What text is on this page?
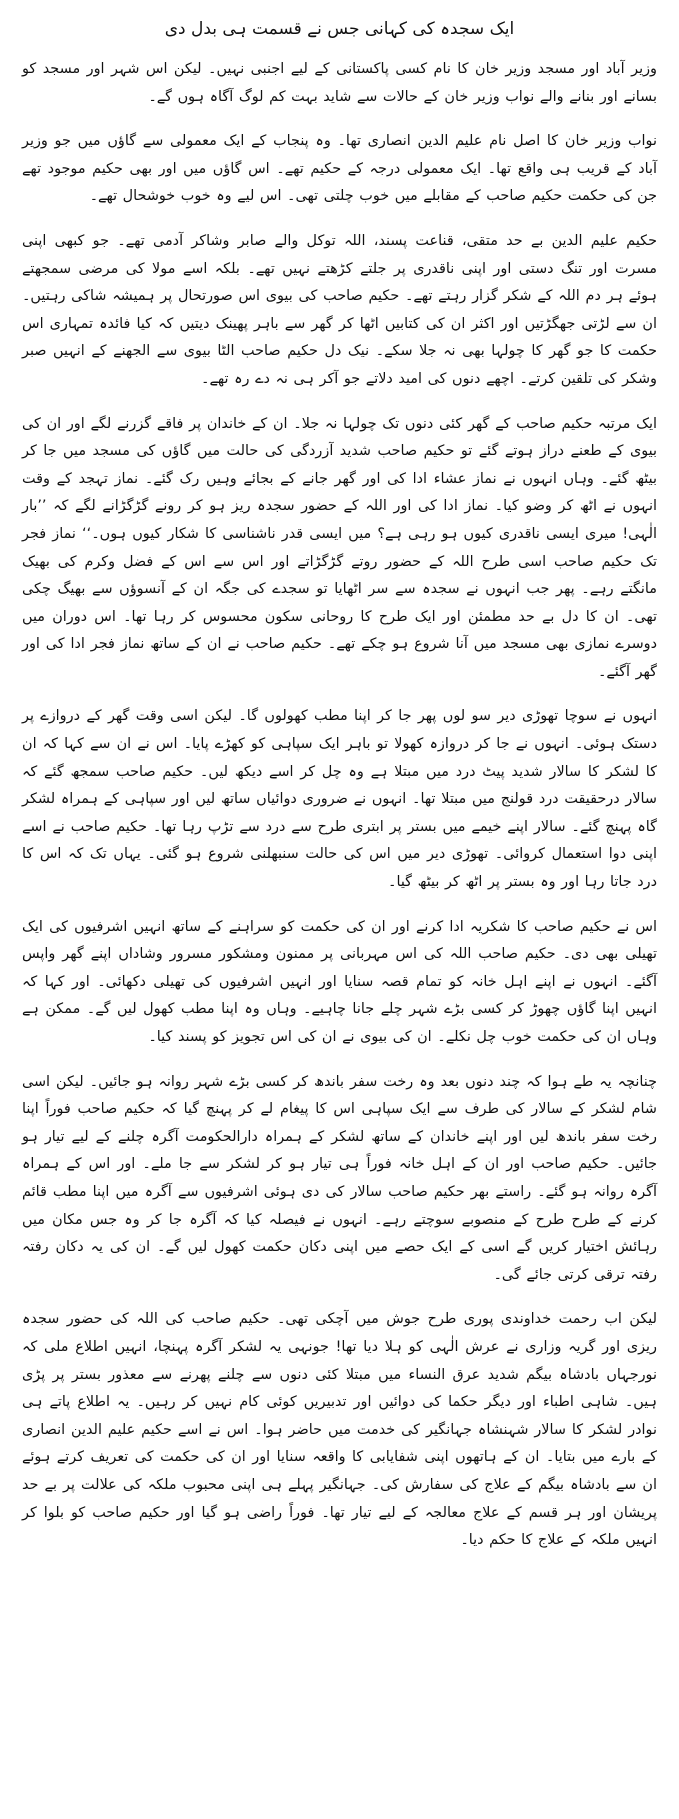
ایک سجدہ کی کہانی جس نے قسمت ہی بدل دی

وزیر آباد اور مسجد وزیر خان کا نام کسی پاکستانی کے لیے اجنبی نہیں۔ لیکن اس شہر اور مسجد کو بسانے اور بنانے والے نواب وزیر خان کے حالات سے شاید بہت کم لوگ آگاہ ہوں گے۔

نواب وزیر خان کا اصل نام علیم الدین انصاری تھا۔ وہ پنجاب کے ایک معمولی سے گاؤں میں جو وزیر آباد کے قریب ہی واقع تھا۔ ایک معمولی درجہ کے حکیم تھے۔ اس گاؤں میں اور بھی حکیم موجود تھے جن کی حکمت حکیم صاحب کے مقابلے میں خوب چلتی تھی۔ اس لیے وہ خوب خوشحال تھے۔

حکیم علیم الدین بے حد متقی، قناعت پسند، اللہ توکل والے صابر وشاکر آدمی تھے۔ جو کبھی اپنی مسرت اور تنگ دستی اور اپنی ناقدری پر جلتے کڑھتے نہیں تھے۔ بلکہ اسے مولا کی مرضی سمجھتے ہوئے ہر دم اللہ کے شکر گزار رہتے تھے۔ حکیم صاحب کی بیوی اس صورتحال پر ہمیشہ شاکی رہتیں۔ ان سے لڑتی جھگڑتیں اور اکثر ان کی کتابیں اٹھا کر گھر سے باہر پھینک دیتیں کہ کیا فائدہ تمہاری اس حکمت کا جو گھر کا چولہا بھی نہ جلا سکے۔ نیک دل حکیم صاحب الٹا بیوی سے الجھنے کے انہیں صبر وشکر کی تلقین کرتے۔ اچھے دنوں کی امید دلاتے جو آکر ہی نہ دے رہ تھے۔

ایک مرتبہ حکیم صاحب کے گھر کئی دنوں تک چولہا نہ جلا۔ ان کے خاندان پر فاقے گزرنے لگے اور ان کی بیوی کے طعنے دراز ہوتے گئے تو حکیم صاحب شدید آزردگی کی حالت میں گاؤں کی مسجد میں جا کر بیٹھ گئے۔ وہاں انہوں نے نماز عشاء ادا کی اور گھر جانے کے بجائے وہیں رک گئے۔ نماز تہجد کے وقت انہوں نے اٹھ کر وضو کیا۔ نماز ادا کی اور اللہ کے حضور سجدہ ریز ہو کر رونے گڑگڑانے لگے کہ ’’بار الٰہی! میری ایسی ناقدری کیوں ہو رہی ہے؟ میں ایسی قدر ناشناسی کا شکار کیوں ہوں۔‘‘ نماز فجر تک حکیم صاحب اسی طرح اللہ کے حضور روتے گڑگڑاتے اور اس سے اس کے فضل وکرم کی بھیک مانگتے رہے۔ پھر جب انہوں نے سجدہ سے سر اٹھایا تو سجدے کی جگہ ان کے آنسوؤں سے بھیگ چکی تھی۔ ان کا دل بے حد مطمئن اور ایک طرح کا روحانی سکون محسوس کر رہا تھا۔ اس دوران میں دوسرے نمازی بھی مسجد میں آنا شروع ہو چکے تھے۔ حکیم صاحب نے ان کے ساتھ نماز فجر ادا کی اور گھر آگئے۔

انہوں نے سوچا تھوڑی دیر سو لوں پھر جا کر اپنا مطب کھولوں گا۔ لیکن اسی وقت گھر کے دروازے پر دستک ہوئی۔ انہوں نے جا کر دروازہ کھولا تو باہر ایک سپاہی کو کھڑے پایا۔ اس نے ان سے کہا کہ ان کا لشکر کا سالار شدید پیٹ درد میں مبتلا ہے وہ چل کر اسے دیکھ لیں۔ حکیم صاحب سمجھ گئے کہ سالار درحقیقت درد قولنج میں مبتلا تھا۔ انہوں نے ضروری دوائیاں ساتھ لیں اور سپاہی کے ہمراہ لشکر گاہ پہنچ گئے۔ سالار اپنے خیمے میں بستر پر ابتری طرح سے درد سے تڑپ رہا تھا۔ حکیم صاحب نے اسے اپنی دوا استعمال کروائی۔ تھوڑی دیر میں اس کی حالت سنبھلنی شروع ہو گئی۔ یہاں تک کہ اس کا درد جاتا رہا اور وہ بستر پر اٹھ کر بیٹھ گیا۔

اس نے حکیم صاحب کا شکریہ ادا کرنے اور ان کی حکمت کو سراہنے کے ساتھ انہیں اشرفیوں کی ایک تھیلی بھی دی۔ حکیم صاحب اللہ کی اس مہربانی پر ممنون ومشکور مسرور وشاداں اپنے گھر واپس آگئے۔ انہوں نے اپنے اہل خانہ کو تمام قصہ سنایا اور انہیں اشرفیوں کی تھیلی دکھائی۔ اور کہا کہ انہیں اپنا گاؤں چھوڑ کر کسی بڑے شہر چلے جانا چاہیے۔ وہاں وہ اپنا مطب کھول لیں گے۔ ممکن ہے وہاں ان کی حکمت خوب چل نکلے۔ ان کی بیوی نے ان کی اس تجویز کو پسند کیا۔

چنانچہ یہ طے ہوا کہ چند دنوں بعد وہ رخت سفر باندھ کر کسی بڑے شہر روانہ ہو جائیں۔ لیکن اسی شام لشکر کے سالار کی طرف سے ایک سپاہی اس کا پیغام لے کر پہنچ گیا کہ حکیم صاحب فوراً اپنا رخت سفر باندھ لیں اور اپنے خاندان کے ساتھ لشکر کے ہمراہ دارالحکومت آگرہ چلنے کے لیے تیار ہو جائیں۔ حکیم صاحب اور ان کے اہل خانہ فوراً ہی تیار ہو کر لشکر سے جا ملے۔ اور اس کے ہمراہ آگرہ روانہ ہو گئے۔ راستے بھر حکیم صاحب سالار کی دی ہوئی اشرفیوں سے آگرہ میں اپنا مطب قائم کرنے کے طرح طرح کے منصوبے سوچتے رہے۔ انہوں نے فیصلہ کیا کہ آگرہ جا کر وہ جس مکان میں رہائش اختیار کریں گے اسی کے ایک حصے میں اپنی دکان حکمت کھول لیں گے۔ ان کی یہ دکان رفتہ رفتہ ترقی کرتی جائے گی۔

لیکن اب رحمت خداوندی پوری طرح جوش میں آچکی تھی۔ حکیم صاحب کی اللہ کی حضور سجدہ ریزی اور گریہ وزاری نے عرش الٰہی کو ہلا دیا تھا! جونہی یہ لشکر آگرہ پہنچا، انہیں اطلاع ملی کہ نورجہاں بادشاہ بیگم شدید عرق النساء میں مبتلا کئی دنوں سے چلنے پھرنے سے معذور بستر پر پڑی ہیں۔ شاہی اطباء اور دیگر حکما کی دوائیں اور تدبیریں کوئی کام نہیں کر رہیں۔ یہ اطلاع پاتے ہی نوادر لشکر کا سالار شہنشاہ جہانگیر کی خدمت میں حاضر ہوا۔ اس نے اسے حکیم علیم الدین انصاری کے بارے میں بتایا۔ ان کے ہاتھوں اپنی شفایابی کا واقعہ سنایا اور ان کی حکمت کی تعریف کرتے ہوئے ان سے بادشاہ بیگم کے علاج کی سفارش کی۔ جہانگیر پہلے ہی اپنی محبوب ملکہ کی علالت پر بے حد پریشان اور ہر قسم کے علاج معالجہ کے لیے تیار تھا۔ فوراً راضی ہو گیا اور حکیم صاحب کو بلوا کر انہیں ملکہ کے علاج کا حکم دیا۔
